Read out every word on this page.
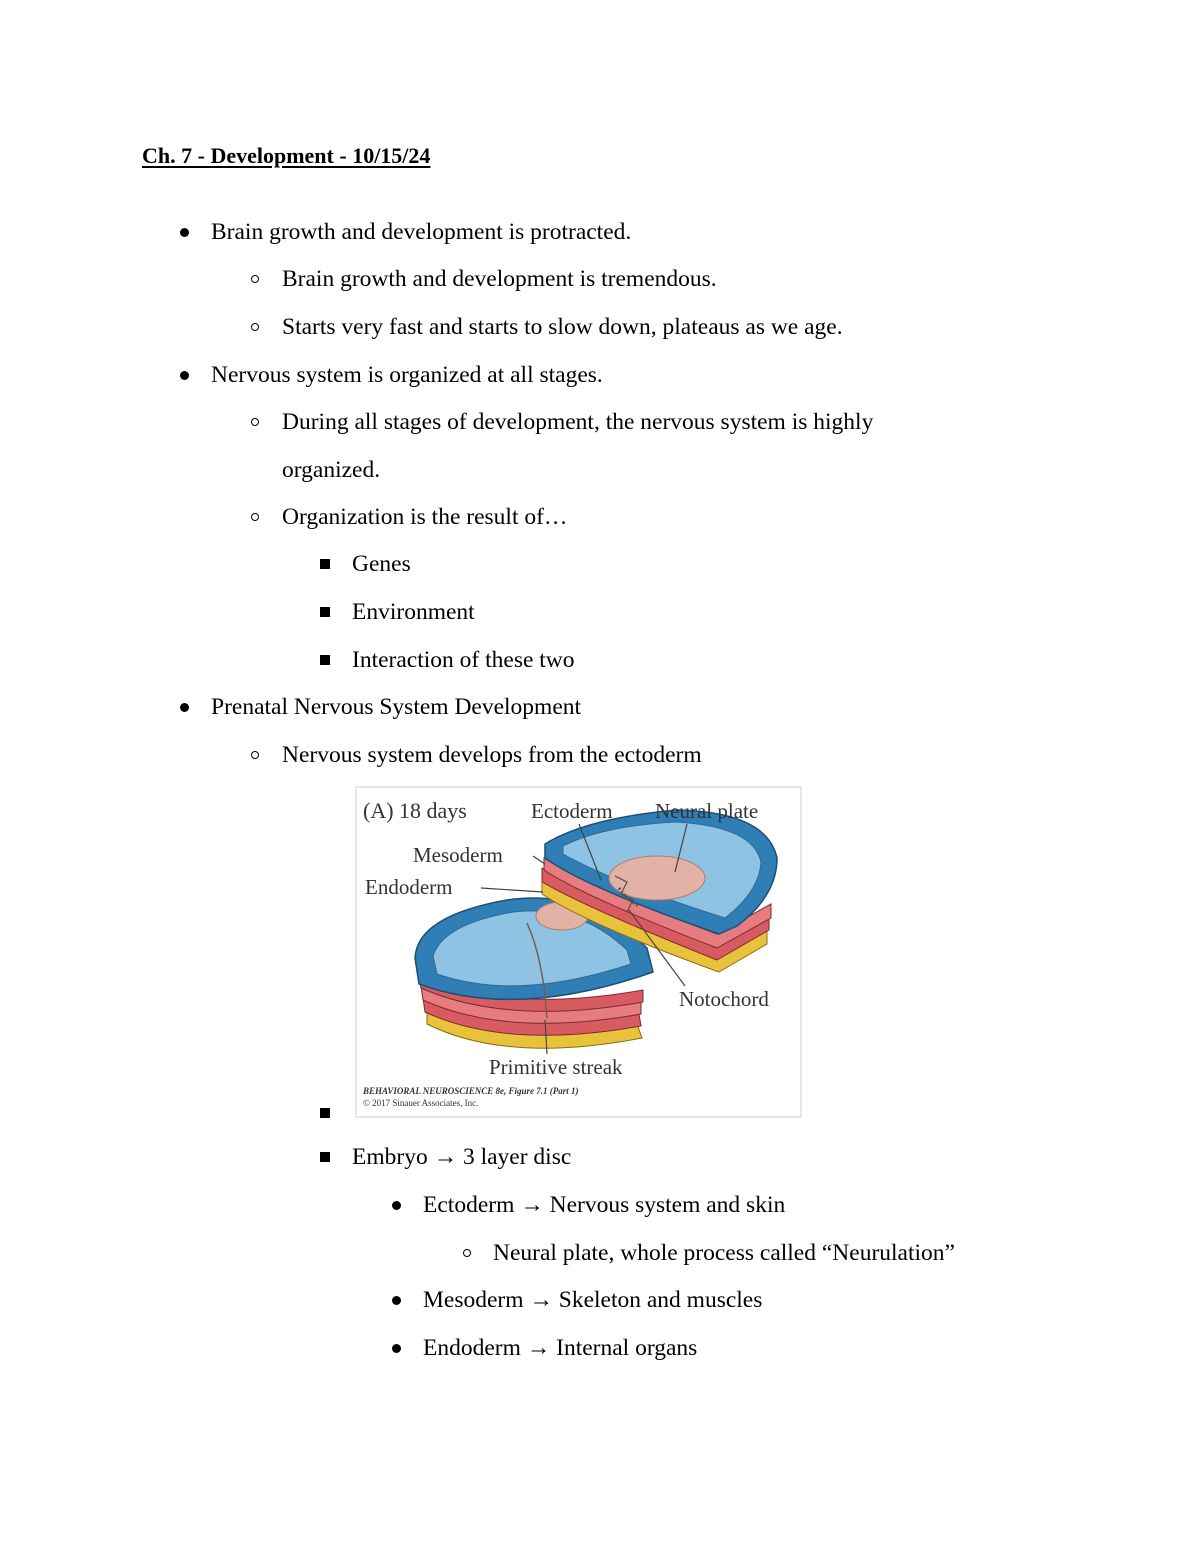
Ch. 7 - Development - 10/15/24
Brain growth and development is protracted.
Brain growth and development is tremendous.
Starts very fast and starts to slow down, plateaus as we age.
Nervous system is organized at all stages.
During all stages of development, the nervous system is highly
organized.
Organization is the result of…
Genes
Environment
Interaction of these two
Prenatal Nervous System Development
Nervous system develops from the ectoderm
Embryo → 3 layer disc
Ectoderm → Nervous system and skin
Neural plate, whole process called “Neurulation”
Mesoderm → Skeleton and muscles
Endoderm → Internal organs
(A) 18 days	Ectoderm Neural plate
Mesoderm
Endoderm
Notochord
Primitive streak
BEHAVIORAL NEUROSCIENCE 8e, Figure 7.1 (Part 1)
© 2017 Sinauer Associates, Inc.
